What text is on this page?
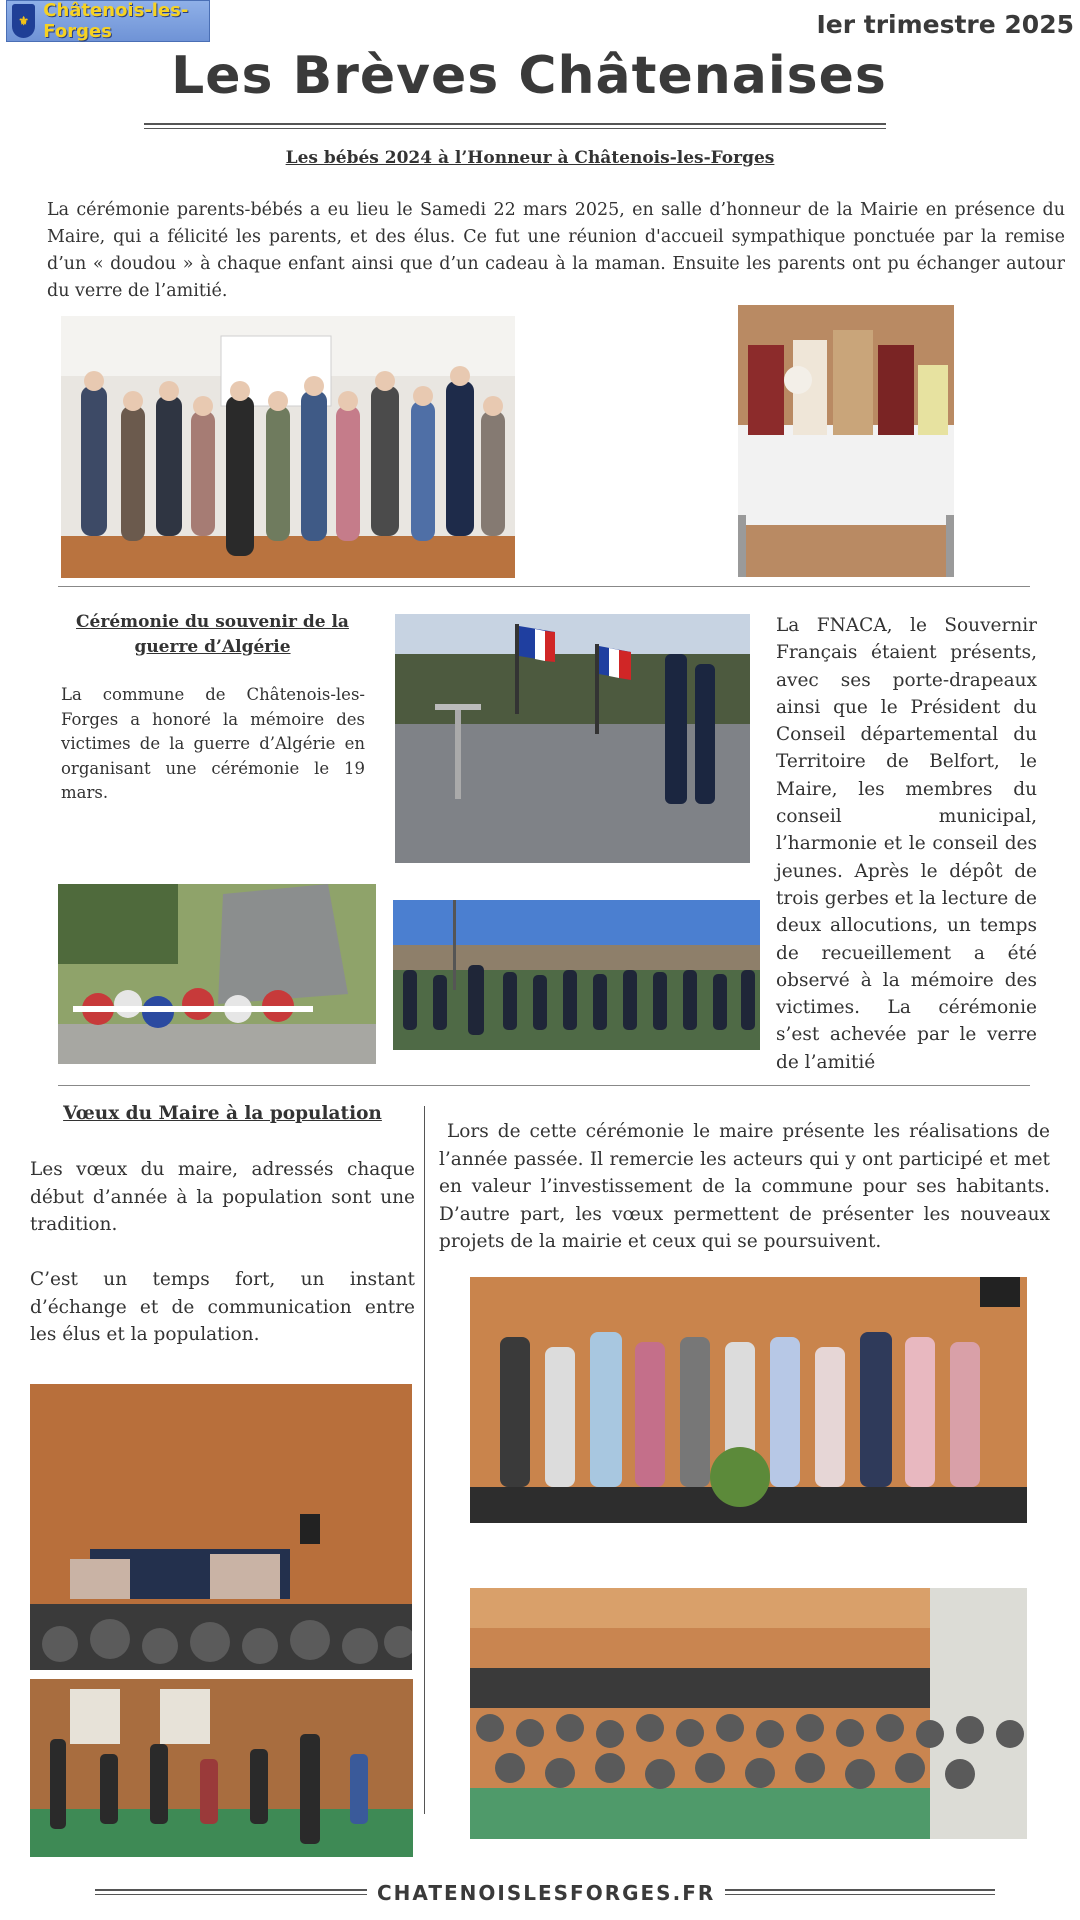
⚜ Châtenois-les-Forges	Ier trimestre 2025
Les Brèves Châtenaises
Les bébés 2024 à l’Honneur à Châtenois-les-Forges
La cérémonie parents-bébés a eu lieu le Samedi 22 mars 2025, en salle d’honneur de la Mairie en présence du Maire, qui a félicité les parents, et des élus. Ce fut une réunion d'accueil sympathique ponctuée par la remise d’un « doudou » à chaque enfant ainsi que d’un cadeau à la maman. Ensuite les parents ont pu échanger autour du verre de l’amitié.
Cérémonie du souvenir de la guerre d’Algérie
La commune de Châtenois-les-Forges a honoré la mémoire des victimes de la guerre d’Algérie en organisant une cérémonie le 19 mars.
La FNACA, le Souvernir Français étaient présents, avec ses porte-drapeaux ainsi que le Président du Conseil départemental du Territoire de Belfort, le Maire, les membres du conseil municipal, l’harmonie et le conseil des jeunes. Après le dépôt de trois gerbes et la lecture de deux allocutions, un temps de recueillement a été observé à la mémoire des victimes. La cérémonie s’est achevée par le verre de l’amitié
Vœux du Maire à la population
Les vœux du maire, adressés chaque début d’année à la population sont une tradition.
C’est un temps fort, un instant d’échange et de communication entre les élus et la population.
Lors de cette cérémonie le maire présente les réalisations de l’année passée. Il remercie les acteurs qui y ont participé et met en valeur l’investissement de la commune pour ses habitants. D’autre part, les vœux permettent de présenter les nouveaux projets de la mairie et ceux qui se poursuivent.
CHATENOISLESFORGES.FR
